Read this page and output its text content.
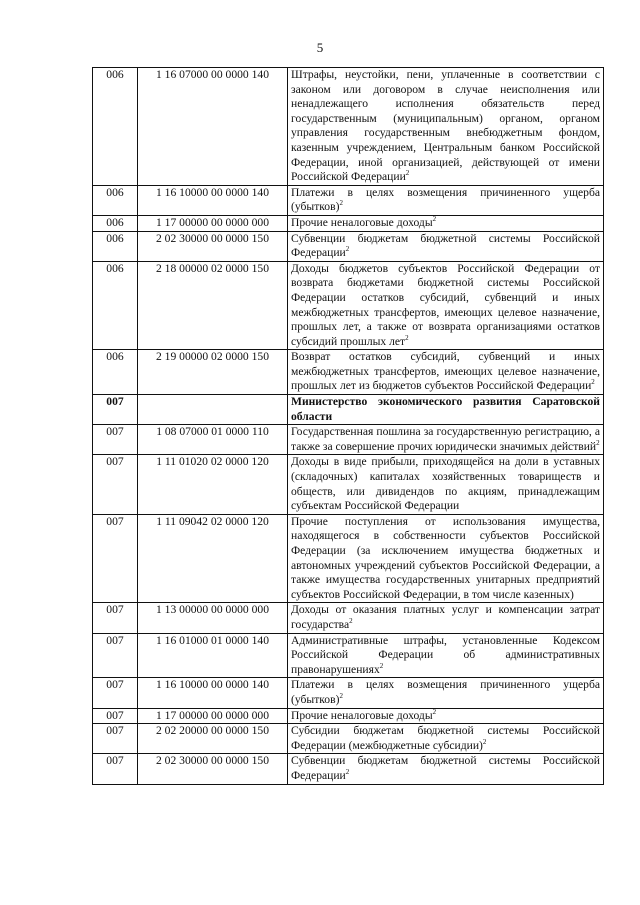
5
006	1 16 07000 00 0000 140	Штрафы, неустойки, пени, уплаченные в соответствии с законом или договором в случае неисполнения или ненадлежащего исполнения обязательств перед государственным (муниципальным) органом, органом управления государственным внебюджетным фондом, казенным учреждением, Центральным банком Российской Федерации, иной организацией, действующей от имени Российской Федерации$^2$
006	1 16 10000 00 0000 140	Платежи в целях возмещения причиненного ущерба (убытков)$^2$
006	1 17 00000 00 0000 000	Прочие неналоговые доходы$^2$
006	2 02 30000 00 0000 150	Субвенции бюджетам бюджетной системы Российской Федерации$^2$
006	2 18 00000 02 0000 150	Доходы бюджетов субъектов Российской Федерации от возврата бюджетами бюджетной системы Российской Федерации остатков субсидий, субвенций и иных межбюджетных трансфертов, имеющих целевое назначение, прошлых лет, а также от возврата организациями остатков субсидий прошлых лет$^2$
006	2 19 00000 02 0000 150	Возврат остатков субсидий, субвенций и иных межбюджетных трансфертов, имеющих целевое назначение, прошлых лет из бюджетов субъектов Российской Федерации$^2$
007		Министерство экономического развития Саратовской области
007	1 08 07000 01 0000 110	Государственная пошлина за государственную регистрацию, а также за совершение прочих юридически значимых действий$^2$
007	1 11 01020 02 0000 120	Доходы в виде прибыли, приходящейся на доли в уставных (складочных) капиталах хозяйственных товариществ и обществ, или дивидендов по акциям, принадлежащим субъектам Российской Федерации
007	1 11 09042 02 0000 120	Прочие поступления от использования имущества, находящегося в собственности субъектов Российской Федерации (за исключением имущества бюджетных и автономных учреждений субъектов Российской Федерации, а также имущества государственных унитарных предприятий субъектов Российской Федерации, в том числе казенных)
007	1 13 00000 00 0000 000	Доходы от оказания платных услуг и компенсации затрат государства$^2$
007	1 16 01000 01 0000 140	Административные штрафы, установленные Кодексом Российской Федерации об административных правонарушениях$^2$
007	1 16 10000 00 0000 140	Платежи в целях возмещения причиненного ущерба (убытков)$^2$
007	1 17 00000 00 0000 000	Прочие неналоговые доходы$^2$
007	2 02 20000 00 0000 150	Субсидии бюджетам бюджетной системы Российской Федерации (межбюджетные субсидии)$^2$
007	2 02 30000 00 0000 150	Субвенции бюджетам бюджетной системы Российской Федерации$^2$
